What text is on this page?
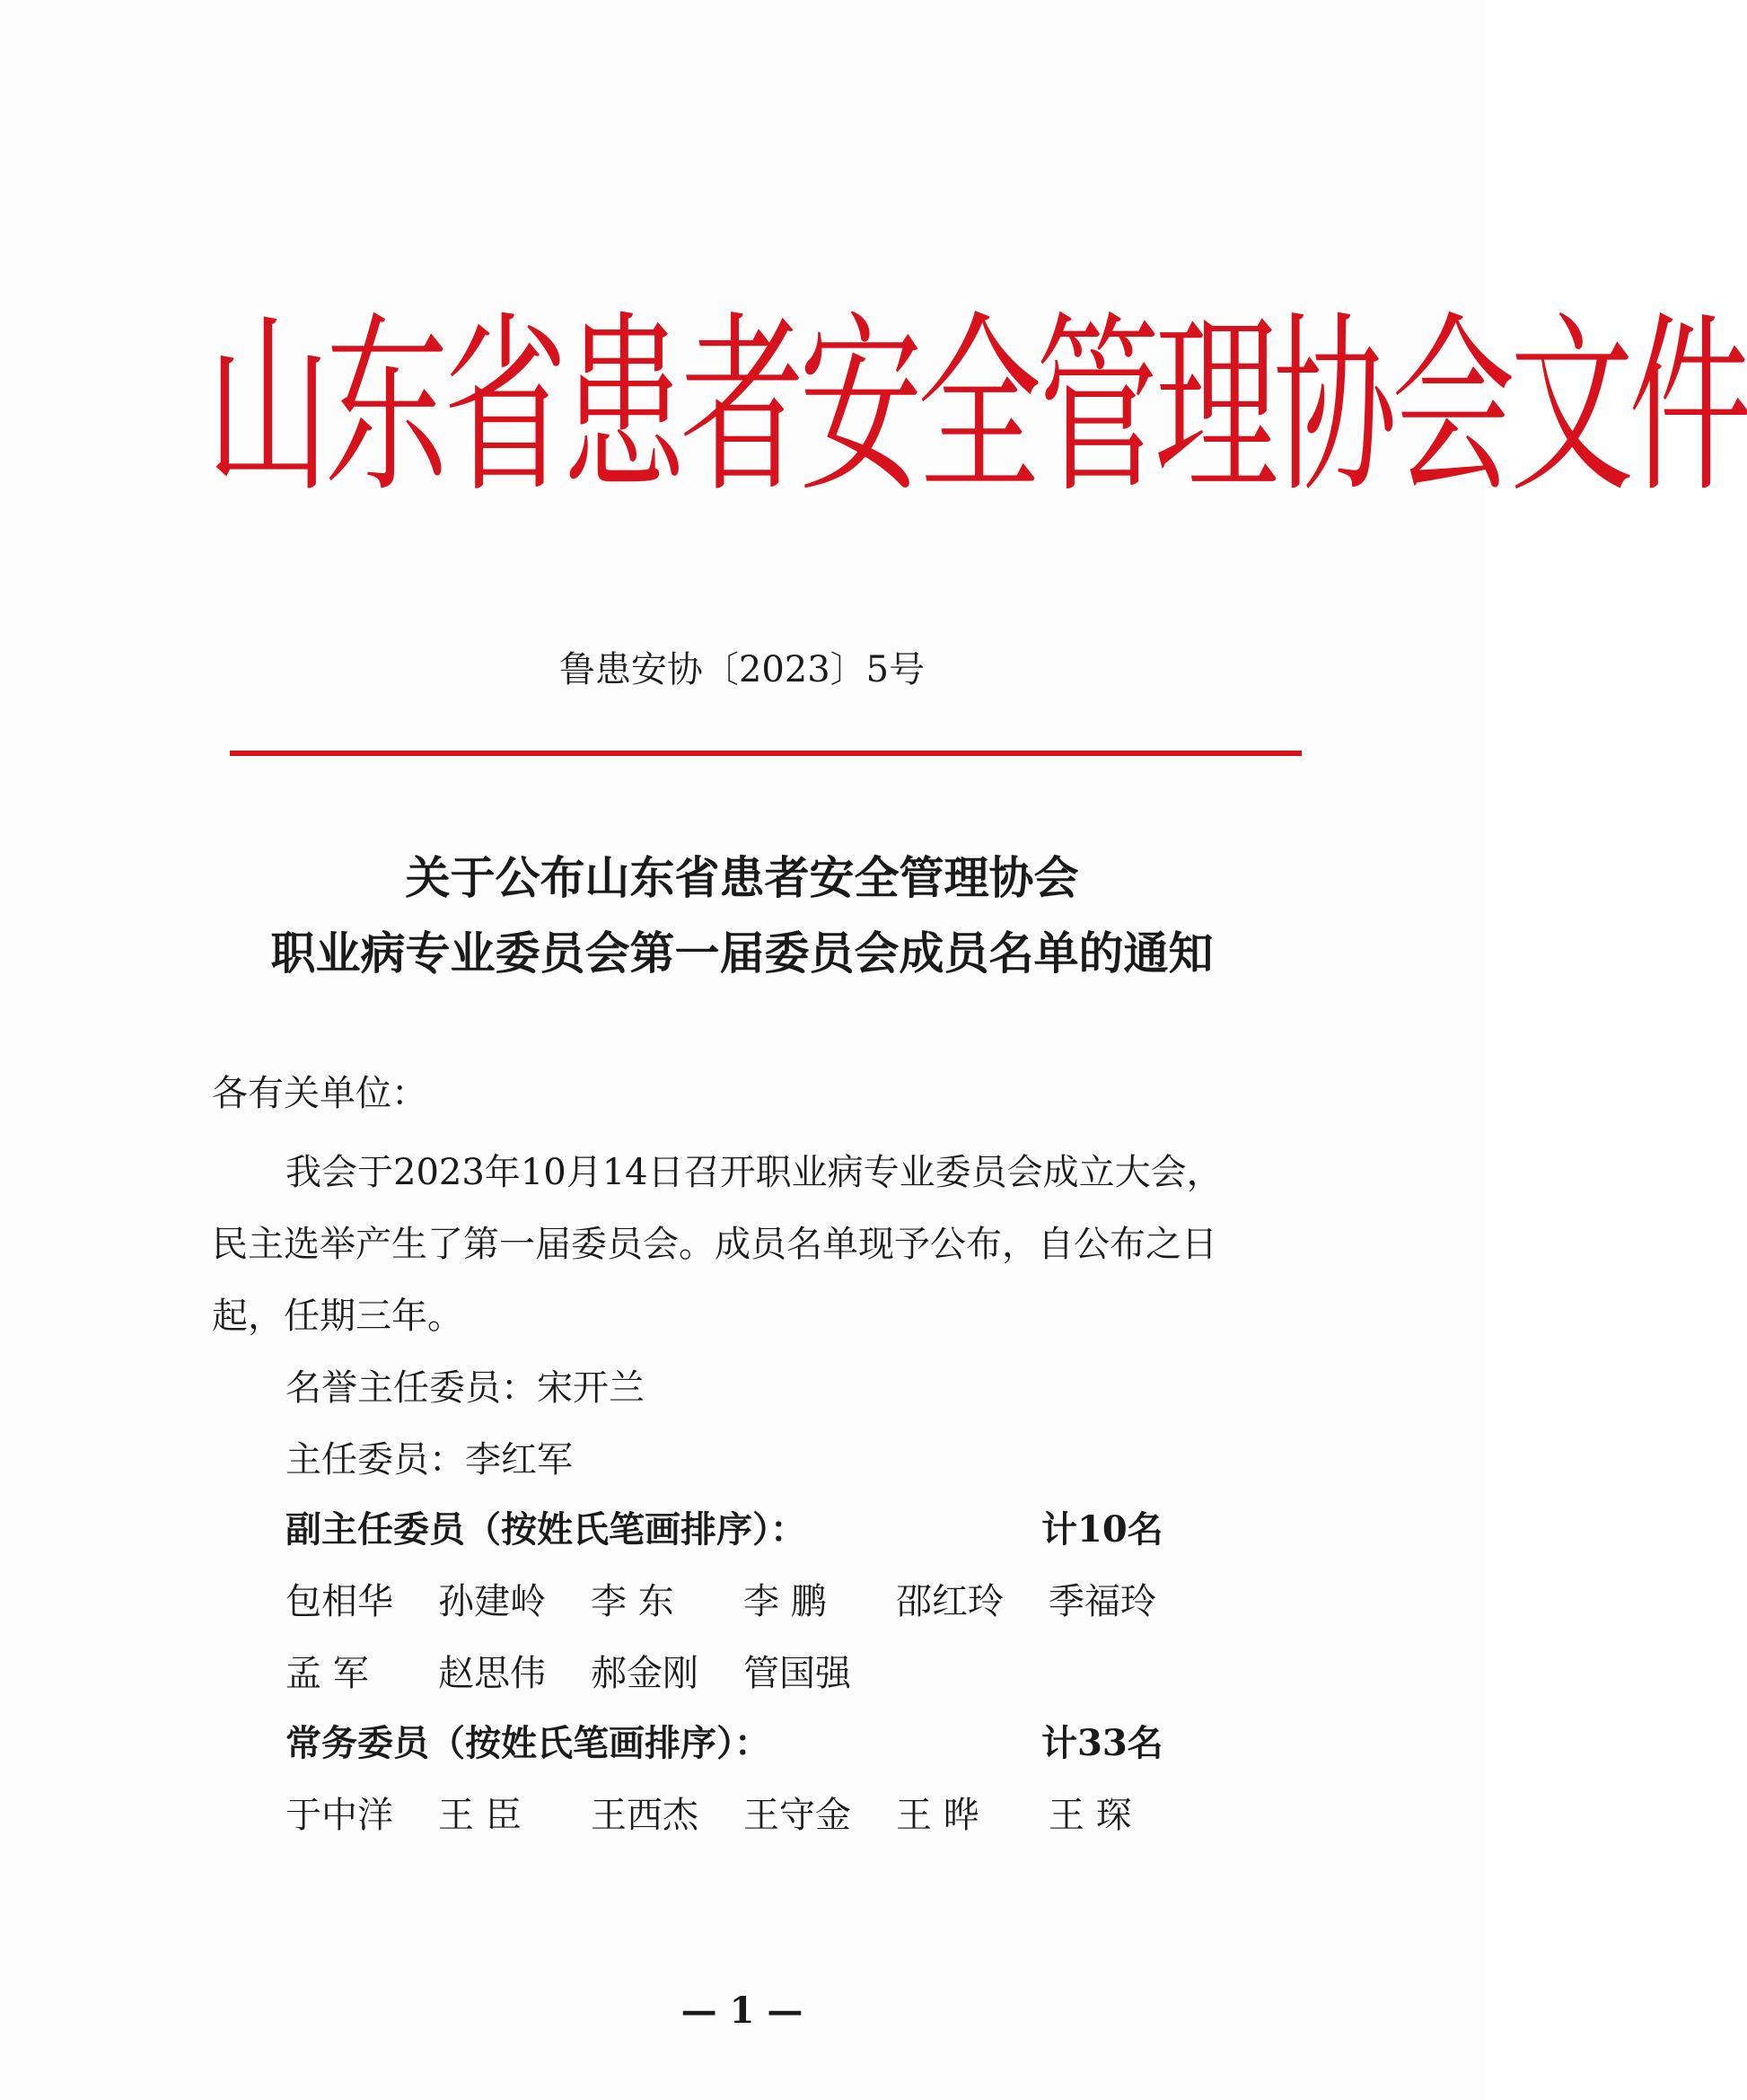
山东省患者安全管理协会文件
鲁患安协〔2023〕5号
关于公布山东省患者安全管理协会
职业病专业委员会第一届委员会成员名单的通知
各有关单位：
我会于2023年10月14日召开职业病专业委员会成立大会，
民主选举产生了第一届委员会。成员名单现予公布，自公布之日
起，任期三年。
名誉主任委员：宋开兰
主任委员：李红军
副主任委员（按姓氏笔画排序）：	计10名
包相华 孙建岭 李 东 李 鹏 邵红玲 季福玲
孟 军 赵思伟 郝金刚 管国强
常务委员（按姓氏笔画排序）：	计33名
于中洋 王 臣 王西杰 王守金 王 晔 王 琛
— 1 —
